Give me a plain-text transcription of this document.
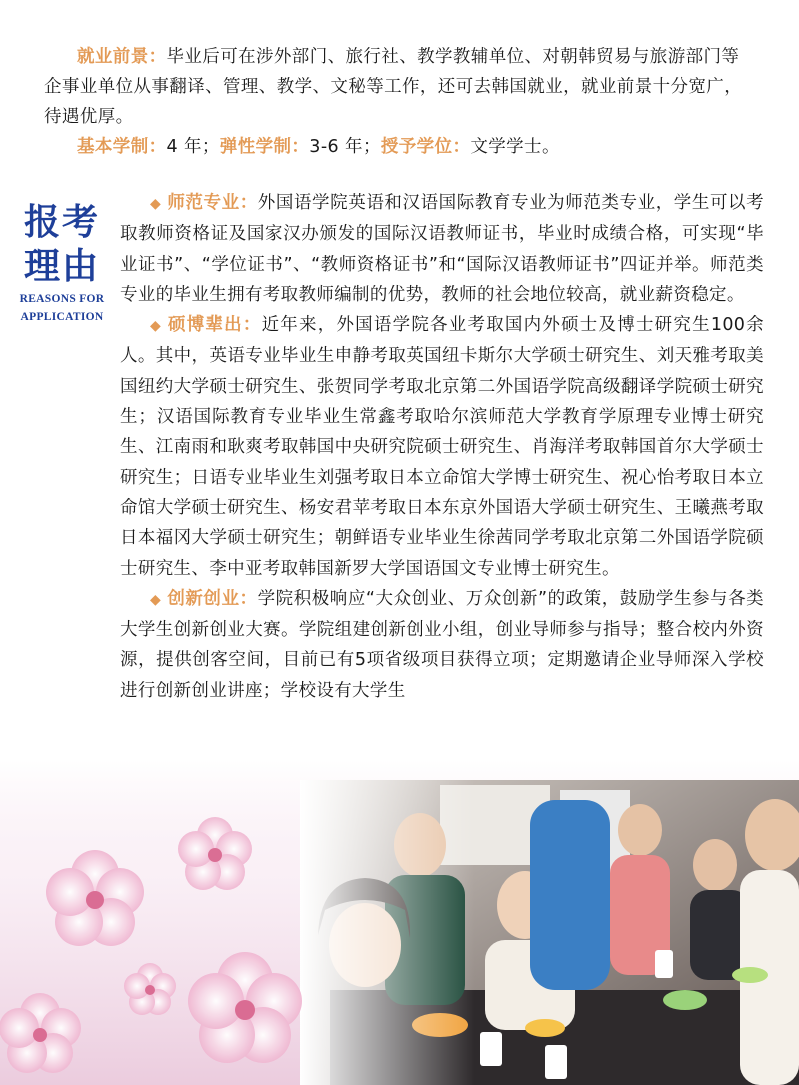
就业前景：毕业后可在涉外部门、旅行社、教学教辅单位、对朝韩贸易与旅游部门等企事业单位从事翻译、管理、教学、文秘等工作，还可去韩国就业，就业前景十分宽广，待遇优厚。

基本学制：4 年；弹性学制：3-6 年；授予学位：文学学士。

报考
理由
REASONS FOR
APPLICATION

◆ 师范专业：外国语学院英语和汉语国际教育专业为师范类专业，学生可以考取教师资格证及国家汉办颁发的国际汉语教师证书，毕业时成绩合格，可实现“毕业证书”、“学位证书”、“教师资格证书”和“国际汉语教师证书”四证并举。师范类专业的毕业生拥有考取教师编制的优势，教师的社会地位较高，就业薪资稳定。

◆ 硕博辈出：近年来，外国语学院各业考取国内外硕士及博士研究生100余人。其中，英语专业毕业生申静考取英国纽卡斯尔大学硕士研究生、刘天雅考取美国纽约大学硕士研究生、张贺同学考取北京第二外国语学院高级翻译学院硕士研究生；汉语国际教育专业毕业生常鑫考取哈尔滨师范大学教育学原理专业博士研究生、江南雨和耿爽考取韩国中央研究院硕士研究生、肖海洋考取韩国首尔大学硕士研究生；日语专业毕业生刘强考取日本立命馆大学博士研究生、祝心怡考取日本立命馆大学硕士研究生、杨安君苹考取日本东京外国语大学硕士研究生、王曦燕考取日本福冈大学硕士研究生；朝鲜语专业毕业生徐茜同学考取北京第二外国语学院硕士研究生、李中亚考取韩国新罗大学国语国文专业博士研究生。

◆ 创新创业：学院积极响应“大众创业、万众创新”的政策，鼓励学生参与各类大学生创新创业大赛。学院组建创新创业小组，创业导师参与指导；整合校内外资源，提供创客空间，目前已有5项省级项目获得立项；定期邀请企业导师深入学校进行创新创业讲座；学校设有大学生
